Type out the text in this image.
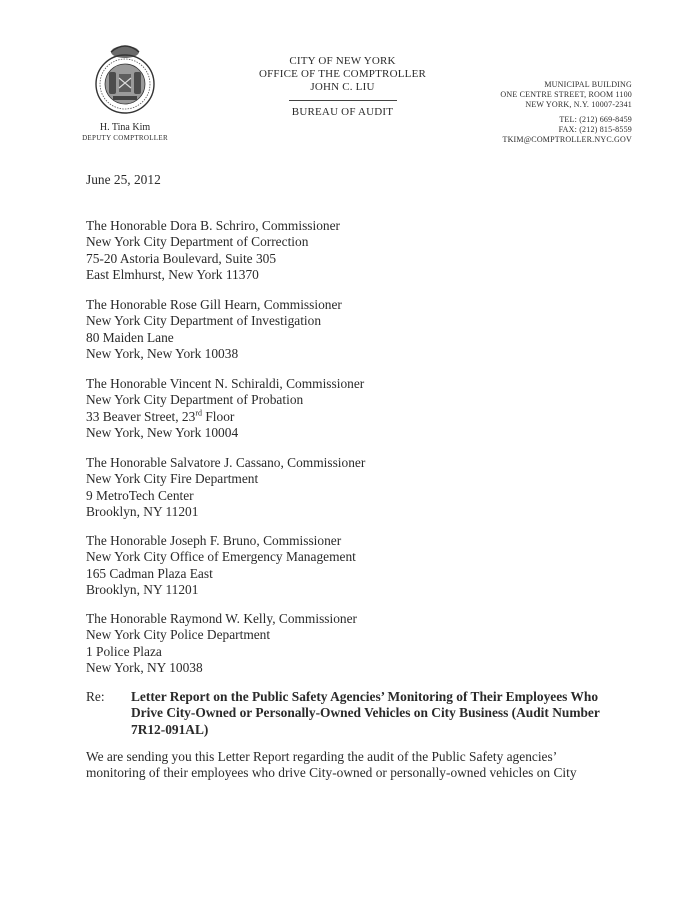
H. Tina Kim
DEPUTY COMPTROLLER
CITY OF NEW YORK
OFFICE OF THE COMPTROLLER
JOHN C. LIU
BUREAU OF AUDIT
MUNICIPAL BUILDING
ONE CENTRE STREET, ROOM 1100
NEW YORK, N.Y. 10007-2341
TEL: (212) 669-8459
FAX: (212) 815-8559
TKIM@COMPTROLLER.NYC.GOV
June 25, 2012
The Honorable Dora B. Schriro, Commissioner
New York City Department of Correction
75-20 Astoria Boulevard, Suite 305
East Elmhurst, New York 11370
The Honorable Rose Gill Hearn, Commissioner
New York City Department of Investigation
80 Maiden Lane
New York, New York 10038
The Honorable Vincent N. Schiraldi, Commissioner
New York City Department of Probation
33 Beaver Street, 23rd Floor
New York, New York 10004
The Honorable Salvatore J. Cassano, Commissioner
New York City Fire Department
9 MetroTech Center
Brooklyn, NY 11201
The Honorable Joseph F. Bruno, Commissioner
New York City Office of Emergency Management
165 Cadman Plaza East
Brooklyn, NY 11201
The Honorable Raymond W. Kelly, Commissioner
New York City Police Department
1 Police Plaza
New York, NY 10038
Re: Letter Report on the Public Safety Agencies’ Monitoring of Their Employees Who
Drive City-Owned or Personally-Owned Vehicles on City Business (Audit Number
7R12-091AL)
We are sending you this Letter Report regarding the audit of the Public Safety agencies’
monitoring of their employees who drive City-owned or personally-owned vehicles on City
